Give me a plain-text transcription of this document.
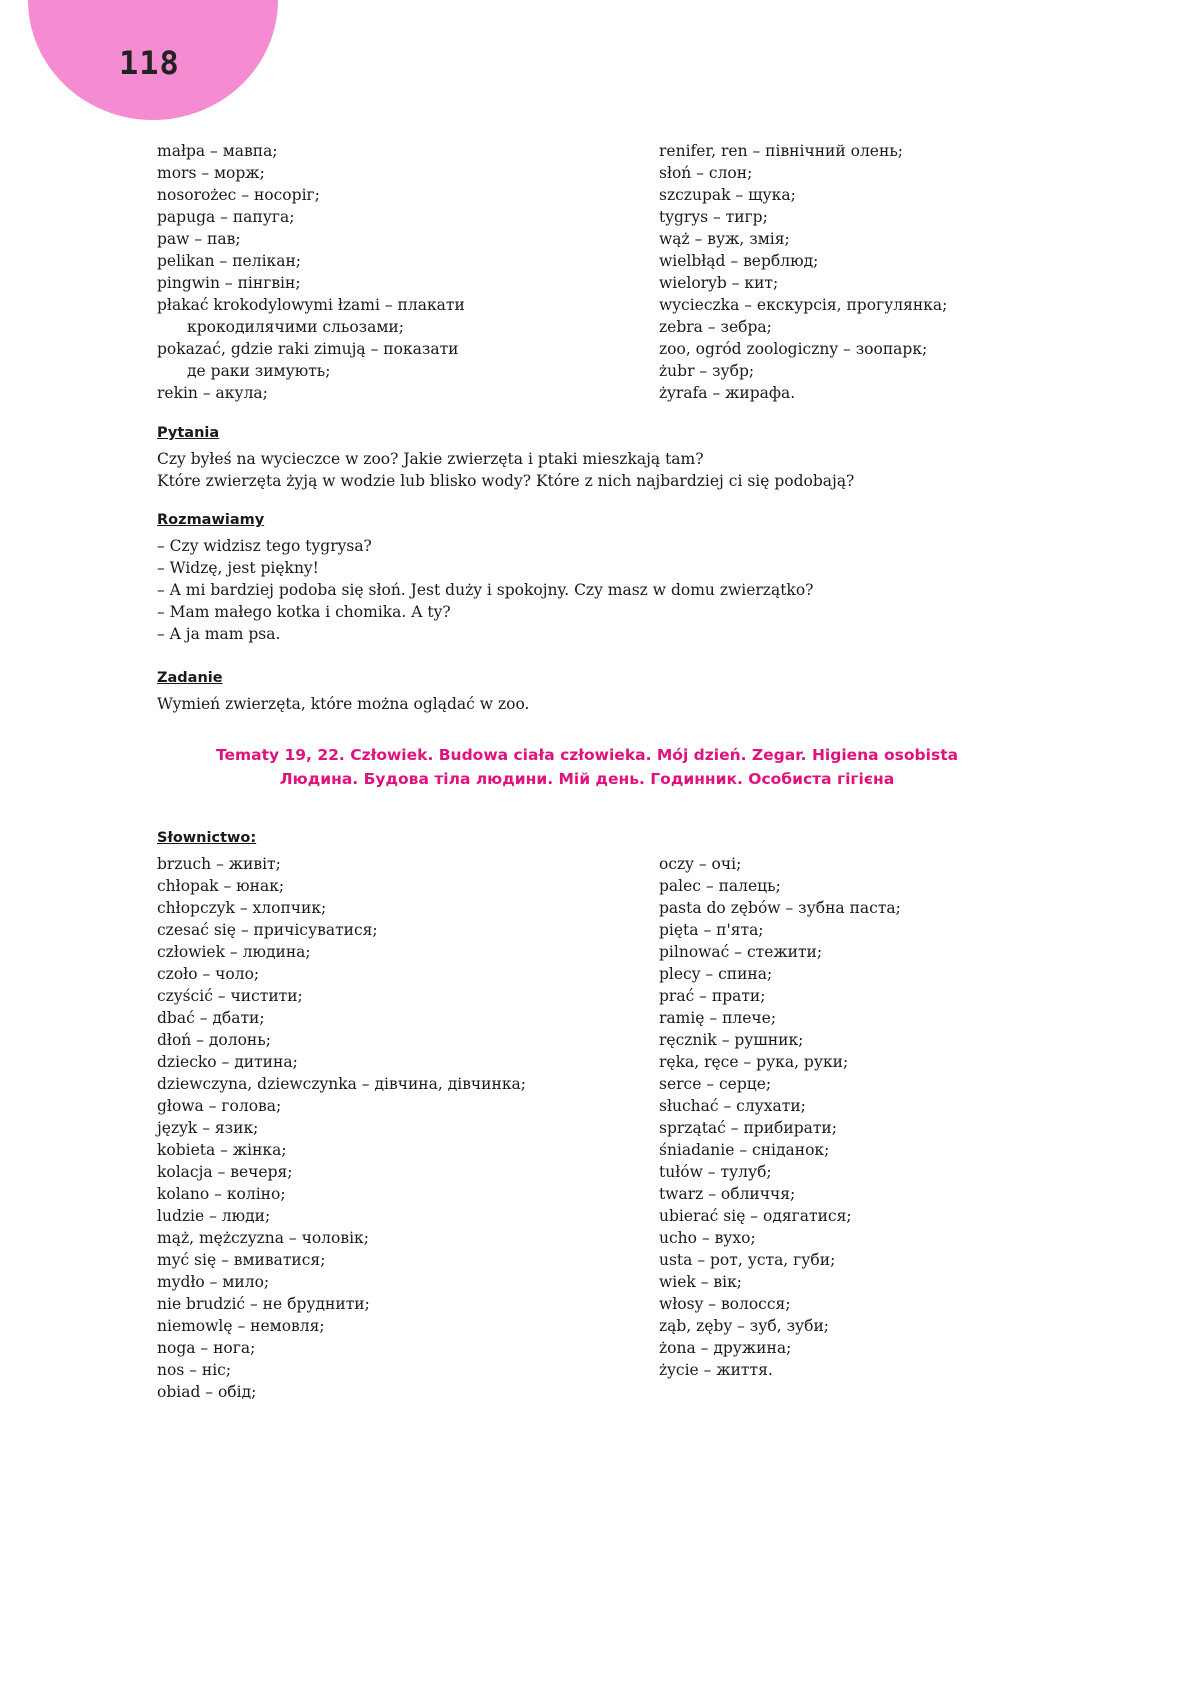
118
małpa – мавпа;
mors – морж;
nosorożec – носоріг;
papuga – папуга;
paw – пав;
pelikan – пелікан;
pingwin – пінгвін;
płakać krokodylowymi łzami – плакати
крокодилячими сльозами;
pokazać, gdzie raki zimują – показати
де раки зимують;
rekin – акула;
renifer, ren – північний олень;
słoń – слон;
szczupak – щука;
tygrys – тигр;
wąż – вуж, змія;
wielbłąd – верблюд;
wieloryb – кит;
wycieczka – екскурсія, прогулянка;
zebra – зебра;
zoo, ogród zoologiczny – зоопарк;
żubr – зубр;
żyrafa – жирафа.
Pytania
Czy byłeś na wycieczce w zoo? Jakie zwierzęta i ptaki mieszkają tam?
Które zwierzęta żyją w wodzie lub blisko wody? Które z nich najbardziej ci się podobają?
Rozmawiamy
– Czy widzisz tego tygrysa?
– Widzę, jest piękny!
– A mi bardziej podoba się słoń. Jest duży i spokojny. Czy masz w domu zwierzątko?
– Mam małego kotka i chomika. A ty?
– A ja mam psa.
Zadanie
Wymień zwierzęta, które można oglądać w zoo.
Tematy 19, 22. Człowiek. Budowa ciała człowieka. Mój dzień. Zegar. Higiena osobista
Людина. Будова тіла людини. Мій день. Годинник. Особиста гігієна
Słownictwo:
brzuch – живіт;
chłopak – юнак;
chłopczyk – хлопчик;
czesać się – причісуватися;
człowiek – людина;
czoło – чоло;
czyścić – чистити;
dbać – дбати;
dłoń – долонь;
dziecko – дитина;
dziewczyna, dziewczynka – дівчина, дівчинка;
głowa – голова;
język – язик;
kobieta – жінка;
kolacja – вечеря;
kolano – коліно;
ludzie – люди;
mąż, mężczyzna – чоловік;
myć się – вмиватися;
mydło – мило;
nie brudzić – не бруднити;
niemowlę – немовля;
noga – нога;
nos – ніс;
obiad – обід;
oczy – очі;
palec – палець;
pasta do zębów – зубна паста;
pięta – п'ята;
pilnować – стежити;
plecy – спина;
prać – прати;
ramię – плече;
ręcznik – рушник;
ręka, ręce – рука, руки;
serce – серце;
słuchać – слухати;
sprzątać – прибирати;
śniadanie – сніданок;
tułów – тулуб;
twarz – обличчя;
ubierać się – одягатися;
ucho – вухо;
usta – рот, уста, губи;
wiek – вік;
włosy – волосся;
ząb, zęby – зуб, зуби;
żona – дружина;
życie – життя.
